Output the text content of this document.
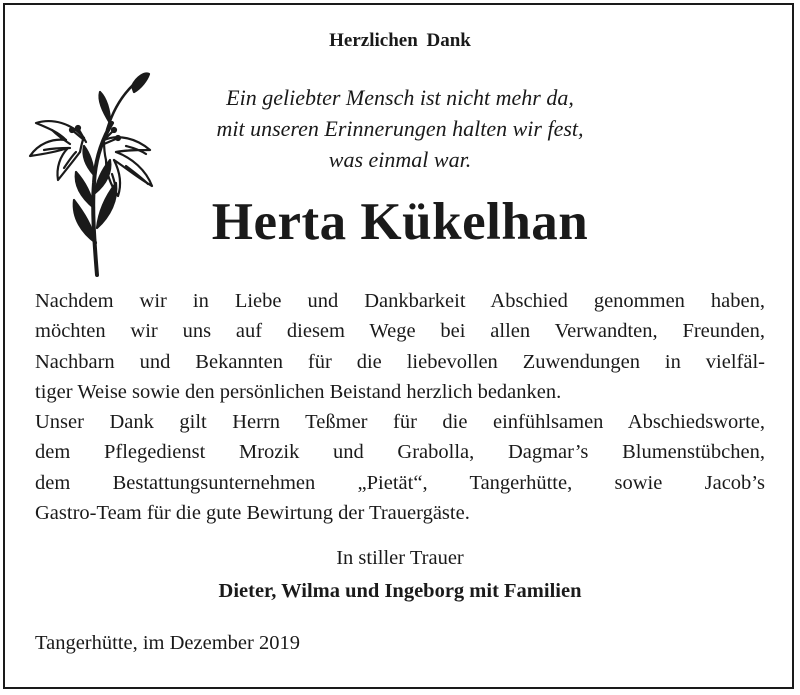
Herzlichen Dank
Ein geliebter Mensch ist nicht mehr da,
mit unseren Erinnerungen halten wir fest,
was einmal war.
Herta Kükelhan
Nachdem wir in Liebe und Dankbarkeit Abschied genommen haben,
möchten wir uns auf diesem Wege bei allen Verwandten, Freunden,
Nachbarn und Bekannten für die liebevollen Zuwendungen in vielfäl-
tiger Weise sowie den persönlichen Beistand herzlich bedanken.
Unser Dank gilt Herrn Teßmer für die einfühlsamen Abschiedsworte,
dem Pflegedienst Mrozik und Grabolla, Dagmar’s Blumenstübchen,
dem Bestattungsunternehmen „Pietät“, Tangerhütte, sowie Jacob’s
Gastro-Team für die gute Bewirtung der Trauergäste.
In stiller Trauer
Dieter, Wilma und Ingeborg mit Familien
Tangerhütte, im Dezember 2019
